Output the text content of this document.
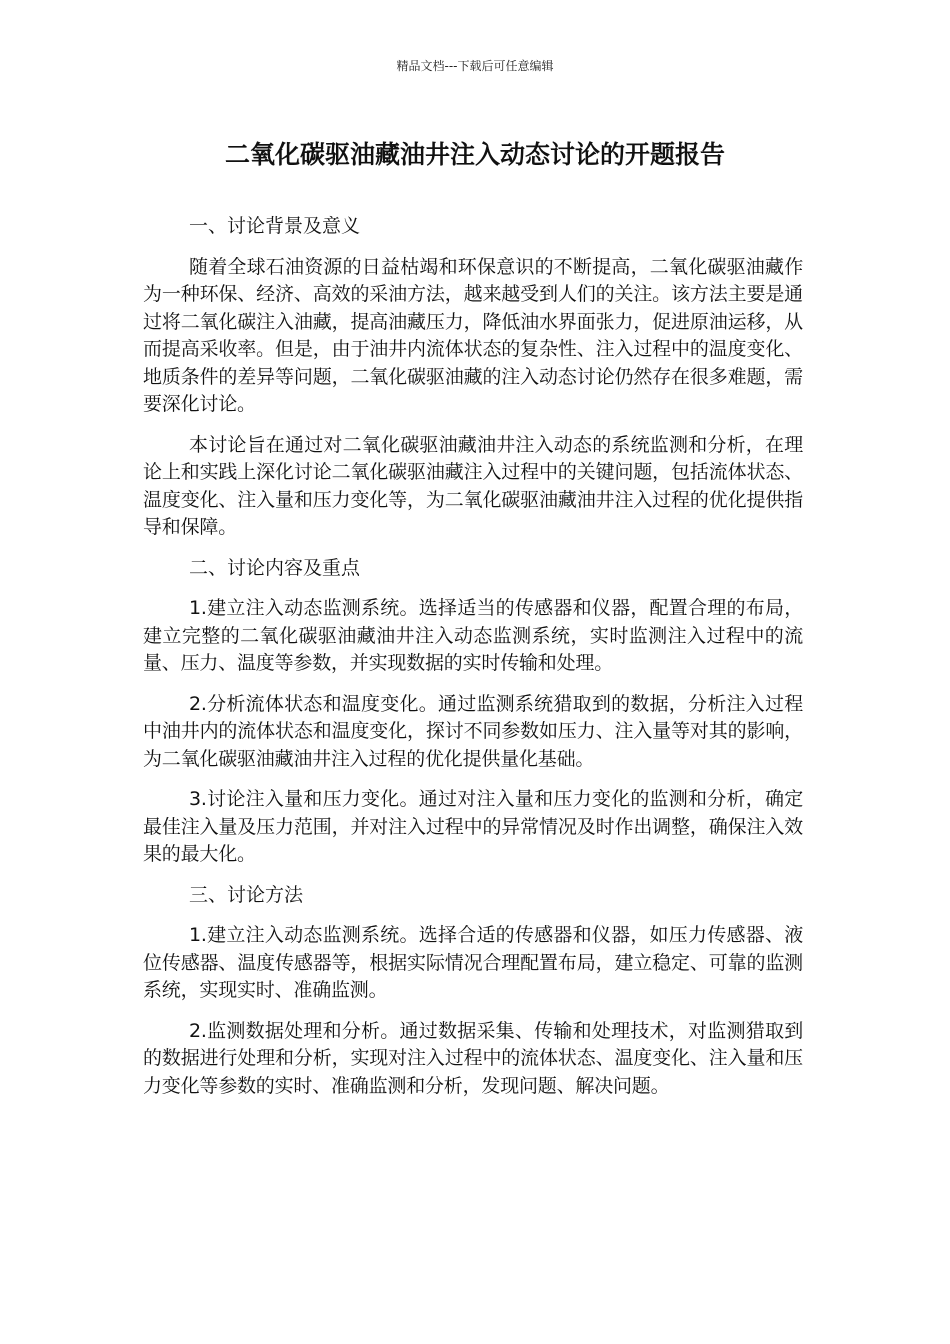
精品文档---下载后可任意编辑
二氧化碳驱油藏油井注入动态讨论的开题报告
一、讨论背景及意义

随着全球石油资源的日益枯竭和环保意识的不断提高，二氧化碳驱油藏作为一种环保、经济、高效的采油方法，越来越受到人们的关注。该方法主要是通过将二氧化碳注入油藏，提高油藏压力，降低油水界面张力，促进原油运移，从而提高采收率。但是，由于油井内流体状态的复杂性、注入过程中的温度变化、地质条件的差异等问题，二氧化碳驱油藏的注入动态讨论仍然存在很多难题，需要深化讨论。

本讨论旨在通过对二氧化碳驱油藏油井注入动态的系统监测和分析，在理论上和实践上深化讨论二氧化碳驱油藏注入过程中的关键问题，包括流体状态、温度变化、注入量和压力变化等，为二氧化碳驱油藏油井注入过程的优化提供指导和保障。

二、讨论内容及重点

1.建立注入动态监测系统。选择适当的传感器和仪器，配置合理的布局，建立完整的二氧化碳驱油藏油井注入动态监测系统，实时监测注入过程中的流量、压力、温度等参数，并实现数据的实时传输和处理。

2.分析流体状态和温度变化。通过监测系统猎取到的数据，分析注入过程中油井内的流体状态和温度变化，探讨不同参数如压力、注入量等对其的影响，为二氧化碳驱油藏油井注入过程的优化提供量化基础。

3.讨论注入量和压力变化。通过对注入量和压力变化的监测和分析，确定最佳注入量及压力范围，并对注入过程中的异常情况及时作出调整，确保注入效果的最大化。

三、讨论方法

1.建立注入动态监测系统。选择合适的传感器和仪器，如压力传感器、液位传感器、温度传感器等，根据实际情况合理配置布局，建立稳定、可靠的监测系统，实现实时、准确监测。

2.监测数据处理和分析。通过数据采集、传输和处理技术，对监测猎取到的数据进行处理和分析，实现对注入过程中的流体状态、温度变化、注入量和压力变化等参数的实时、准确监测和分析，发现问题、解决问题。
